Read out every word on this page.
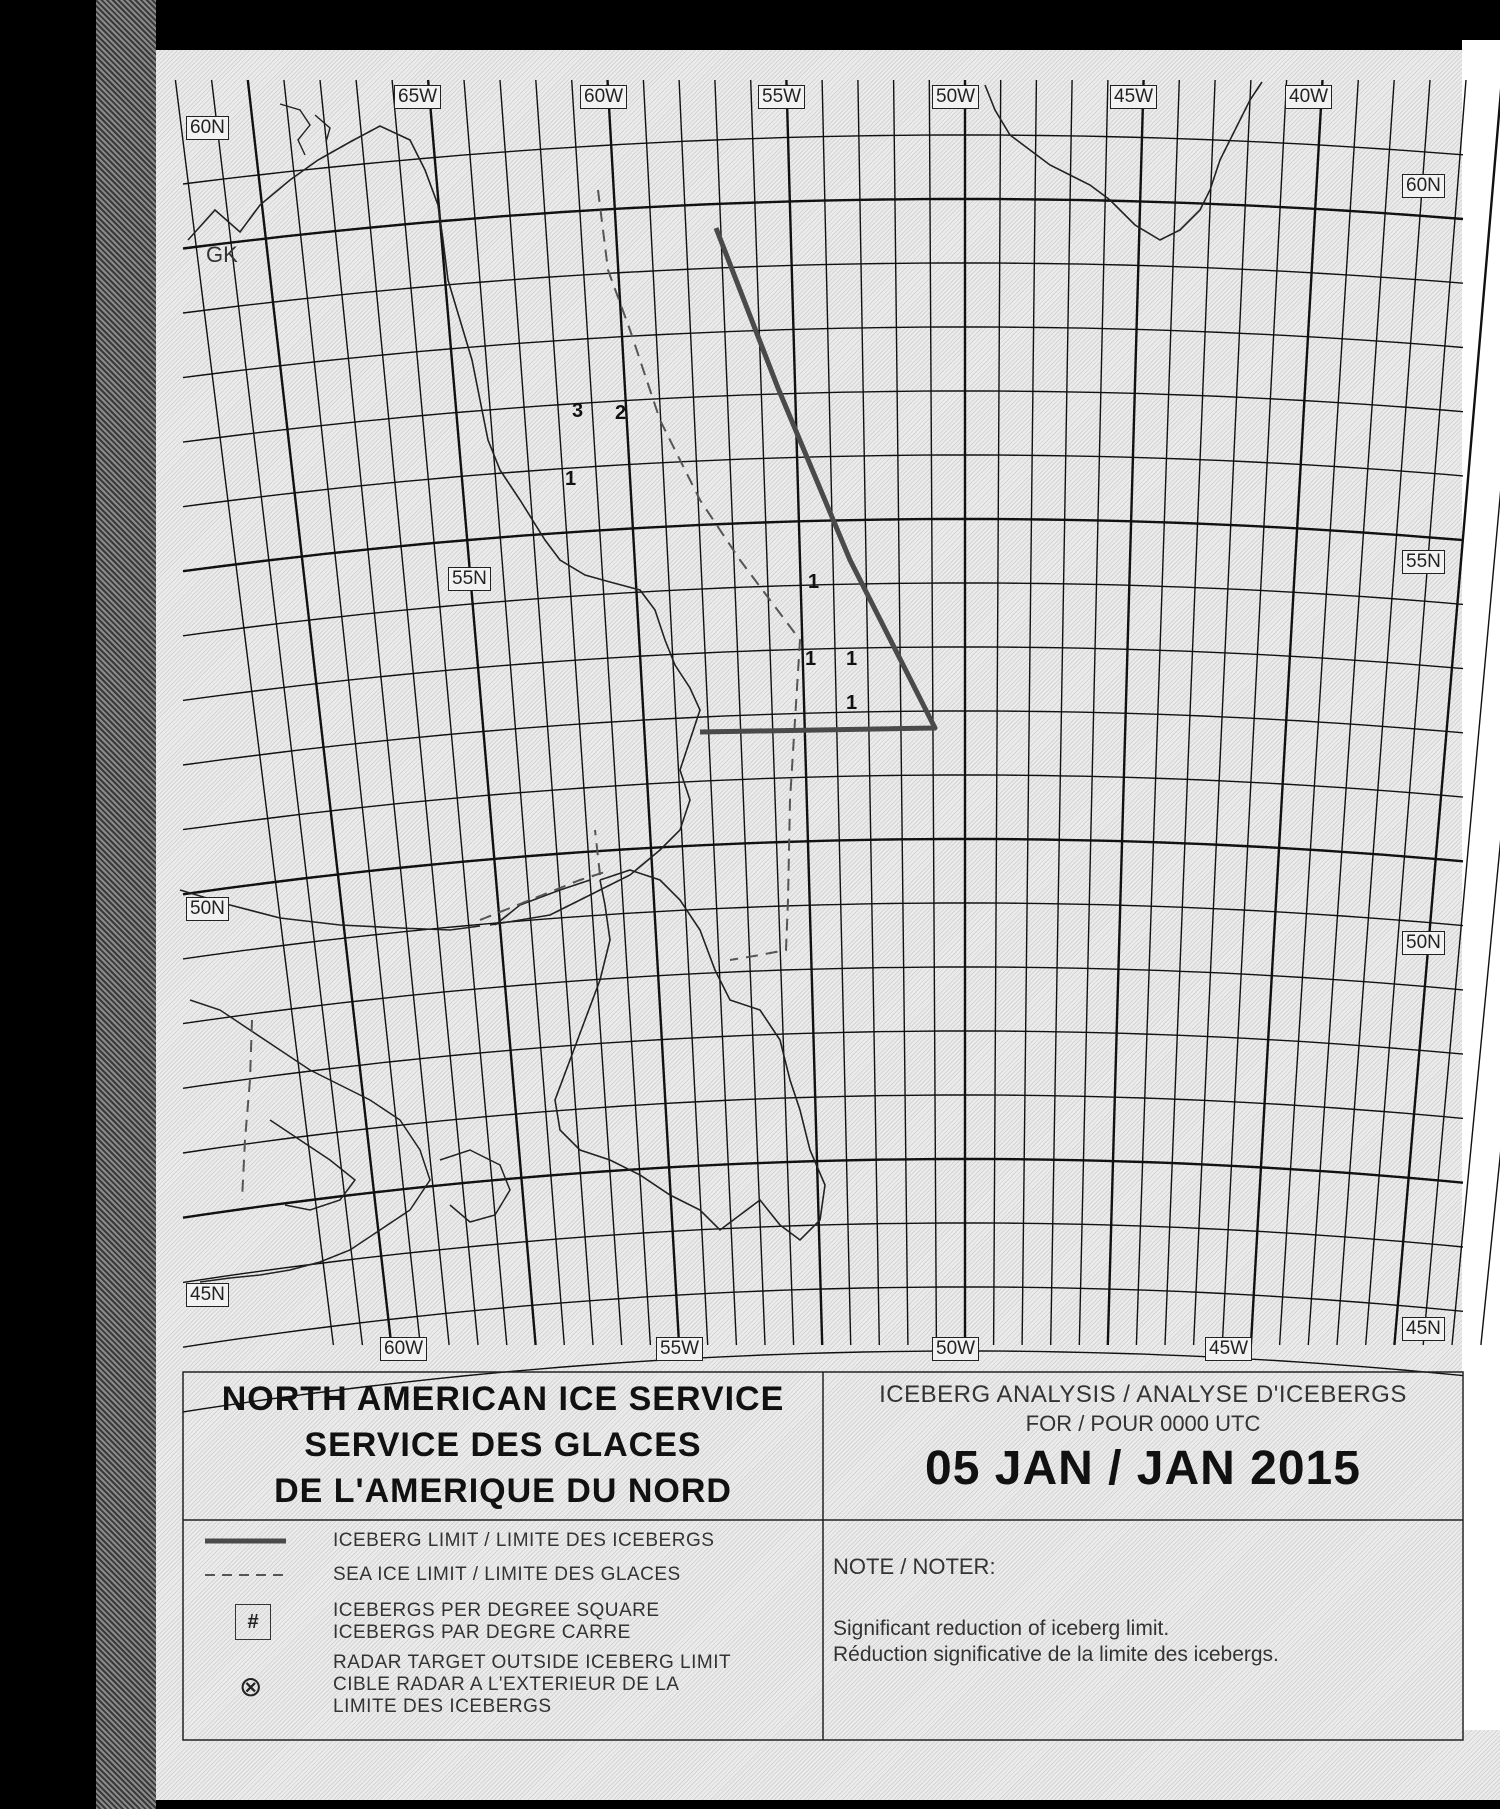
65W	60W	55W	50W	45W	40W
60W	55W	50W	45W
60N
55N
50N
45N
60N
55N
50N
45N
GK
3 2
1
1
1 1
1
NORTH AMERICAN ICE SERVICE
SERVICE DES GLACES
DE L'AMERIQUE DU NORD
ICEBERG ANALYSIS / ANALYSE D'ICEBERGS
FOR / POUR 0000 UTC
05 JAN / JAN 2015
ICEBERG LIMIT / LIMITE DES ICEBERGS
SEA ICE LIMIT / LIMITE DES GLACES
#
ICEBERGS PER DEGREE SQUARE
ICEBERGS PAR DEGRE CARRE
⊗
RADAR TARGET OUTSIDE ICEBERG LIMIT
CIBLE RADAR A L'EXTERIEUR DE LA
LIMITE DES ICEBERGS
NOTE / NOTER:
Significant reduction of iceberg limit.
Réduction significative de la limite des icebergs.
